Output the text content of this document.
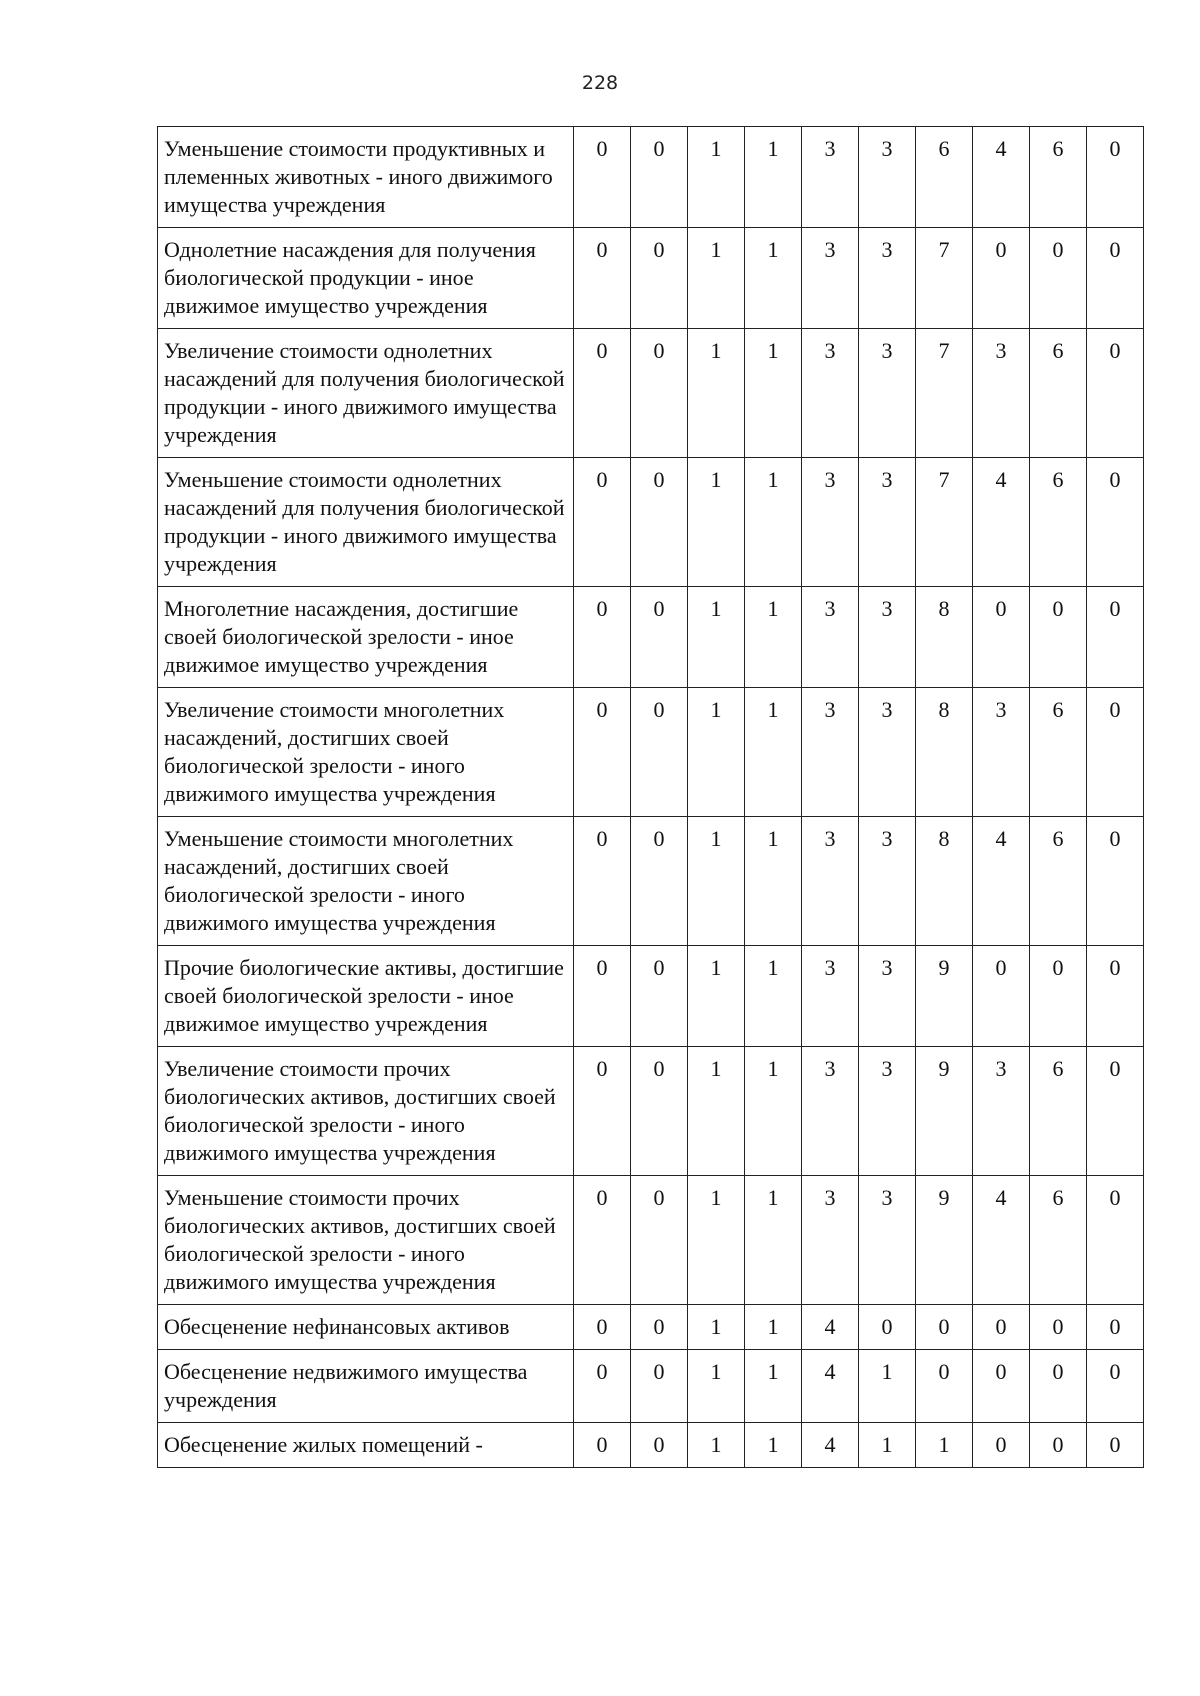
228
Уменьшение стоимости продуктивных и племенных животных - иного движимого имущества учреждения	0	0	1	1	3	3	6	4	6	0
Однолетние насаждения для получения биологической продукции - иное движимое имущество учреждения	0	0	1	1	3	3	7	0	0	0
Увеличение стоимости однолетних насаждений для получения биологической продукции - иного движимого имущества учреждения	0	0	1	1	3	3	7	3	6	0
Уменьшение стоимости однолетних насаждений для получения биологической продукции - иного движимого имущества учреждения	0	0	1	1	3	3	7	4	6	0
Многолетние насаждения, достигшие своей биологической зрелости - иное движимое имущество учреждения	0	0	1	1	3	3	8	0	0	0
Увеличение стоимости многолетних насаждений, достигших своей биологической зрелости - иного движимого имущества учреждения	0	0	1	1	3	3	8	3	6	0
Уменьшение стоимости многолетних насаждений, достигших своей биологической зрелости - иного движимого имущества учреждения	0	0	1	1	3	3	8	4	6	0
Прочие биологические активы, достигшие своей биологической зрелости - иное движимое имущество учреждения	0	0	1	1	3	3	9	0	0	0
Увеличение стоимости прочих биологических активов, достигших своей биологической зрелости - иного движимого имущества учреждения	0	0	1	1	3	3	9	3	6	0
Уменьшение стоимости прочих биологических активов, достигших своей биологической зрелости - иного движимого имущества учреждения	0	0	1	1	3	3	9	4	6	0
Обесценение нефинансовых активов	0	0	1	1	4	0	0	0	0	0
Обесценение недвижимого имущества учреждения	0	0	1	1	4	1	0	0	0	0
Обесценение жилых помещений -	0	0	1	1	4	1	1	0	0	0
